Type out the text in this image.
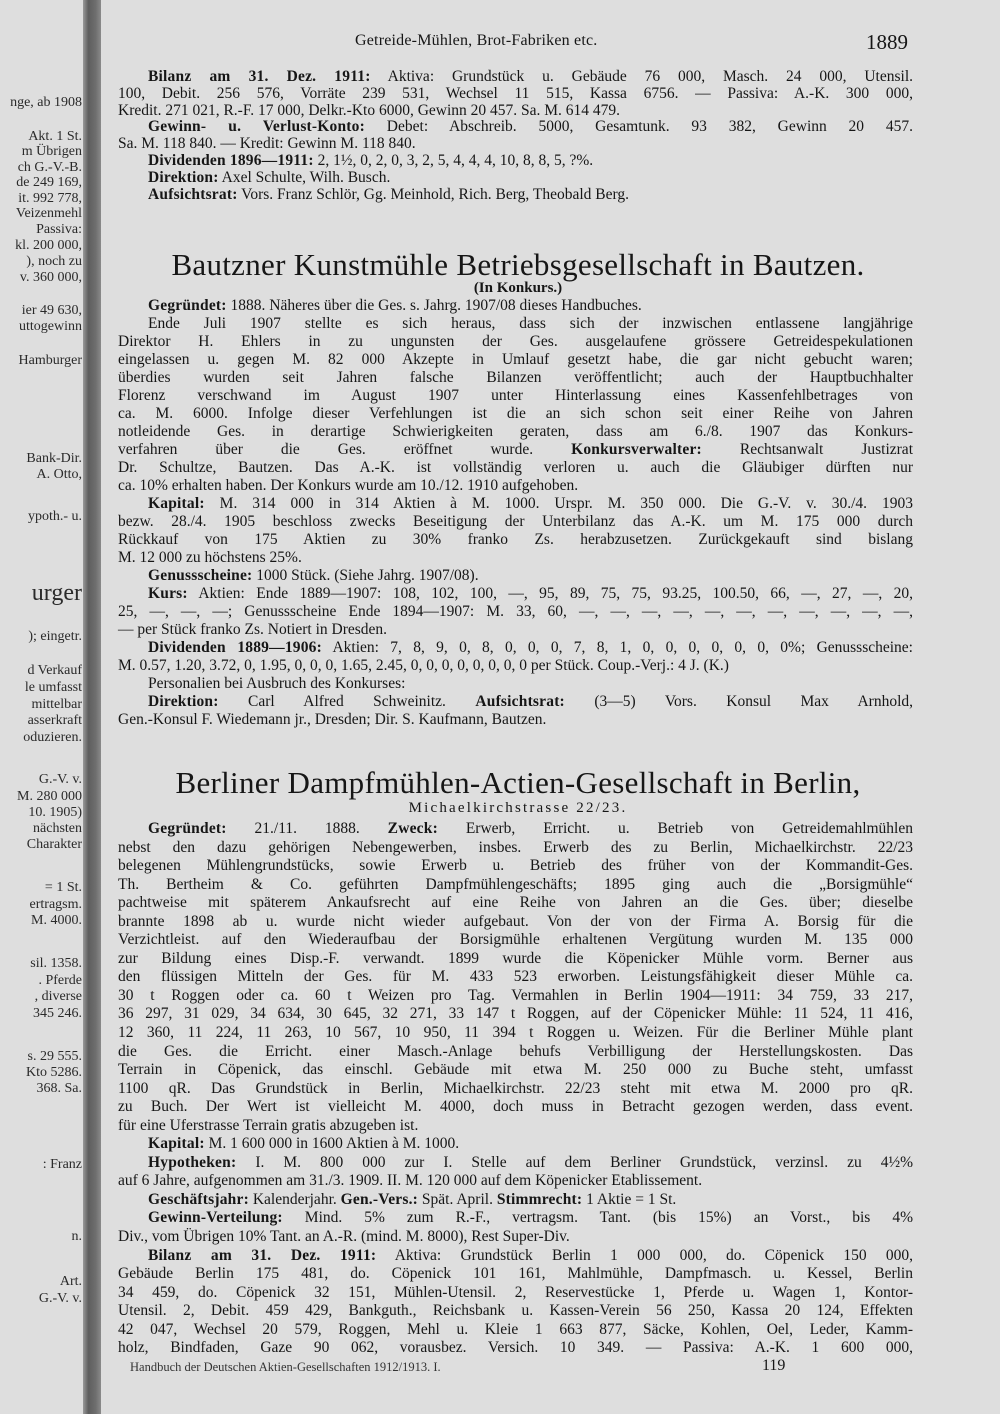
nge, ab 1908
Akt. 1 St.
m Übrigen
ch G.-V.-B.
de 249 169,
it. 992 778,
Veizenmehl
Passiva:
kl. 200 000,
), noch zu
v. 360 000,
ier 49 630,
uttogewinn
Hamburger
Bank-Dir.
A. Otto,
ypoth.- u.
urger
); eingetr.
d Verkauf
le umfasst
mittelbar
asserkraft
oduzieren.
G.-V. v.
M. 280 000
10. 1905)
nächsten
Charakter
= 1 St.
ertragsm.
M. 4000.
sil. 1358.
. Pferde
, diverse
345 246.
s. 29 555.
Kto 5286.
368. Sa.
: Franz
n.
Art.
G.-V. v.
Getreide-Mühlen, Brot-Fabriken etc.	1889
Bilanz am 31. Dez. 1911: Aktiva: Grundstück u. Gebäude 76 000, Masch. 24 000, Utensil.
100, Debit. 256 576, Vorräte 239 531, Wechsel 11 515, Kassa 6756. — Passiva: A.-K. 300 000,
Kredit. 271 021, R.-F. 17 000, Delkr.-Kto 6000, Gewinn 20 457. Sa. M. 614 479.
Gewinn- u. Verlust-Konto: Debet: Abschreib. 5000, Gesamtunk. 93 382, Gewinn 20 457.
Sa. M. 118 840. — Kredit: Gewinn M. 118 840.
Dividenden 1896—1911: 2, 1½, 0, 2, 0, 3, 2, 5, 4, 4, 4, 10, 8, 8, 5, ?%.
Direktion: Axel Schulte, Wilh. Busch.
Aufsichtsrat: Vors. Franz Schlör, Gg. Meinhold, Rich. Berg, Theobald Berg.
Bautzner Kunstmühle Betriebsgesellschaft in Bautzen.
(In Konkurs.)
Gegründet: 1888. Näheres über die Ges. s. Jahrg. 1907/08 dieses Handbuches.
Ende Juli 1907 stellte es sich heraus, dass sich der inzwischen entlassene langjährige
Direktor H. Ehlers in zu ungunsten der Ges. ausgelaufene grössere Getreidespekulationen
eingelassen u. gegen M. 82 000 Akzepte in Umlauf gesetzt habe, die gar nicht gebucht waren;
überdies wurden seit Jahren falsche Bilanzen veröffentlicht; auch der Hauptbuchhalter
Florenz verschwand im August 1907 unter Hinterlassung eines Kassenfehlbetrages von
ca. M. 6000. Infolge dieser Verfehlungen ist die an sich schon seit einer Reihe von Jahren
notleidende Ges. in derartige Schwierigkeiten geraten, dass am 6./8. 1907 das Konkurs-
verfahren über die Ges. eröffnet wurde. Konkursverwalter: Rechtsanwalt Justizrat
Dr. Schultze, Bautzen. Das A.-K. ist vollständig verloren u. auch die Gläubiger dürften nur
ca. 10% erhalten haben. Der Konkurs wurde am 10./12. 1910 aufgehoben.
Kapital: M. 314 000 in 314 Aktien à M. 1000. Urspr. M. 350 000. Die G.-V. v. 30./4. 1903
bezw. 28./4. 1905 beschloss zwecks Beseitigung der Unterbilanz das A.-K. um M. 175 000 durch
Rückkauf von 175 Aktien zu 30% franko Zs. herabzusetzen. Zurückgekauft sind bislang
M. 12 000 zu höchstens 25%.
Genussscheine: 1000 Stück. (Siehe Jahrg. 1907/08).
Kurs: Aktien: Ende 1889—1907: 108, 102, 100, —, 95, 89, 75, 75, 93.25, 100.50, 66, —, 27, —, 20,
25, —, —, —; Genussscheine Ende 1894—1907: M. 33, 60, —, —, —, —, —, —, —, —, —, —, —,
— per Stück franko Zs. Notiert in Dresden.
Dividenden 1889—1906: Aktien: 7, 8, 9, 0, 8, 0, 0, 0, 7, 8, 1, 0, 0, 0, 0, 0, 0, 0%; Genussscheine:
M. 0.57, 1.20, 3.72, 0, 1.95, 0, 0, 0, 1.65, 2.45, 0, 0, 0, 0, 0, 0, 0, 0 per Stück. Coup.-Verj.: 4 J. (K.)
Personalien bei Ausbruch des Konkurses:
Direktion: Carl Alfred Schweinitz. Aufsichtsrat: (3—5) Vors. Konsul Max Arnhold,
Gen.-Konsul F. Wiedemann jr., Dresden; Dir. S. Kaufmann, Bautzen.
Berliner Dampfmühlen-Actien-Gesellschaft in Berlin,
Michaelkirchstrasse 22/23.
Gegründet: 21./11. 1888. Zweck: Erwerb, Erricht. u. Betrieb von Getreidemahlmühlen
nebst den dazu gehörigen Nebengewerben, insbes. Erwerb des zu Berlin, Michaelkirchstr. 22/23
belegenen Mühlengrundstücks, sowie Erwerb u. Betrieb des früher von der Kommandit-Ges.
Th. Bertheim & Co. geführten Dampfmühlengeschäfts; 1895 ging auch die „Borsigmühle“
pachtweise mit späterem Ankaufsrecht auf eine Reihe von Jahren an die Ges. über; dieselbe
brannte 1898 ab u. wurde nicht wieder aufgebaut. Von der von der Firma A. Borsig für die
Verzichtleist. auf den Wiederaufbau der Borsigmühle erhaltenen Vergütung wurden M. 135 000
zur Bildung eines Disp.-F. verwandt. 1899 wurde die Köpenicker Mühle vorm. Berner aus
den flüssigen Mitteln der Ges. für M. 433 523 erworben. Leistungsfähigkeit dieser Mühle ca.
30 t Roggen oder ca. 60 t Weizen pro Tag. Vermahlen in Berlin 1904—1911: 34 759, 33 217,
36 297, 31 029, 34 634, 30 645, 32 271, 33 147 t Roggen, auf der Cöpenicker Mühle: 11 524, 11 416,
12 360, 11 224, 11 263, 10 567, 10 950, 11 394 t Roggen u. Weizen. Für die Berliner Mühle plant
die Ges. die Erricht. einer Masch.-Anlage behufs Verbilligung der Herstellungskosten. Das
Terrain in Cöpenick, das einschl. Gebäude mit etwa M. 250 000 zu Buche steht, umfasst
1100 qR. Das Grundstück in Berlin, Michaelkirchstr. 22/23 steht mit etwa M. 2000 pro qR.
zu Buch. Der Wert ist vielleicht M. 4000, doch muss in Betracht gezogen werden, dass event.
für eine Uferstrasse Terrain gratis abzugeben ist.
Kapital: M. 1 600 000 in 1600 Aktien à M. 1000.
Hypotheken: I. M. 800 000 zur I. Stelle auf dem Berliner Grundstück, verzinsl. zu 4½%
auf 6 Jahre, aufgenommen am 31./3. 1909. II. M. 120 000 auf dem Köpenicker Etablissement.
Geschäftsjahr: Kalenderjahr. Gen.-Vers.: Spät. April. Stimmrecht: 1 Aktie = 1 St.
Gewinn-Verteilung: Mind. 5% zum R.-F., vertragsm. Tant. (bis 15%) an Vorst., bis 4%
Div., vom Übrigen 10% Tant. an A.-R. (mind. M. 8000), Rest Super-Div.
Bilanz am 31. Dez. 1911: Aktiva: Grundstück Berlin 1 000 000, do. Cöpenick 150 000,
Gebäude Berlin 175 481, do. Cöpenick 101 161, Mahlmühle, Dampfmasch. u. Kessel, Berlin
34 459, do. Cöpenick 32 151, Mühlen-Utensil. 2, Reservestücke 1, Pferde u. Wagen 1, Kontor-
Utensil. 2, Debit. 459 429, Bankguth., Reichsbank u. Kassen-Verein 56 250, Kassa 20 124, Effekten
42 047, Wechsel 20 579, Roggen, Mehl u. Kleie 1 663 877, Säcke, Kohlen, Oel, Leder, Kamm-
holz, Bindfaden, Gaze 90 062, vorausbez. Versich. 10 349. — Passiva: A.-K. 1 600 000,
Handbuch der Deutschen Aktien-Gesellschaften 1912/1913. I.	119
